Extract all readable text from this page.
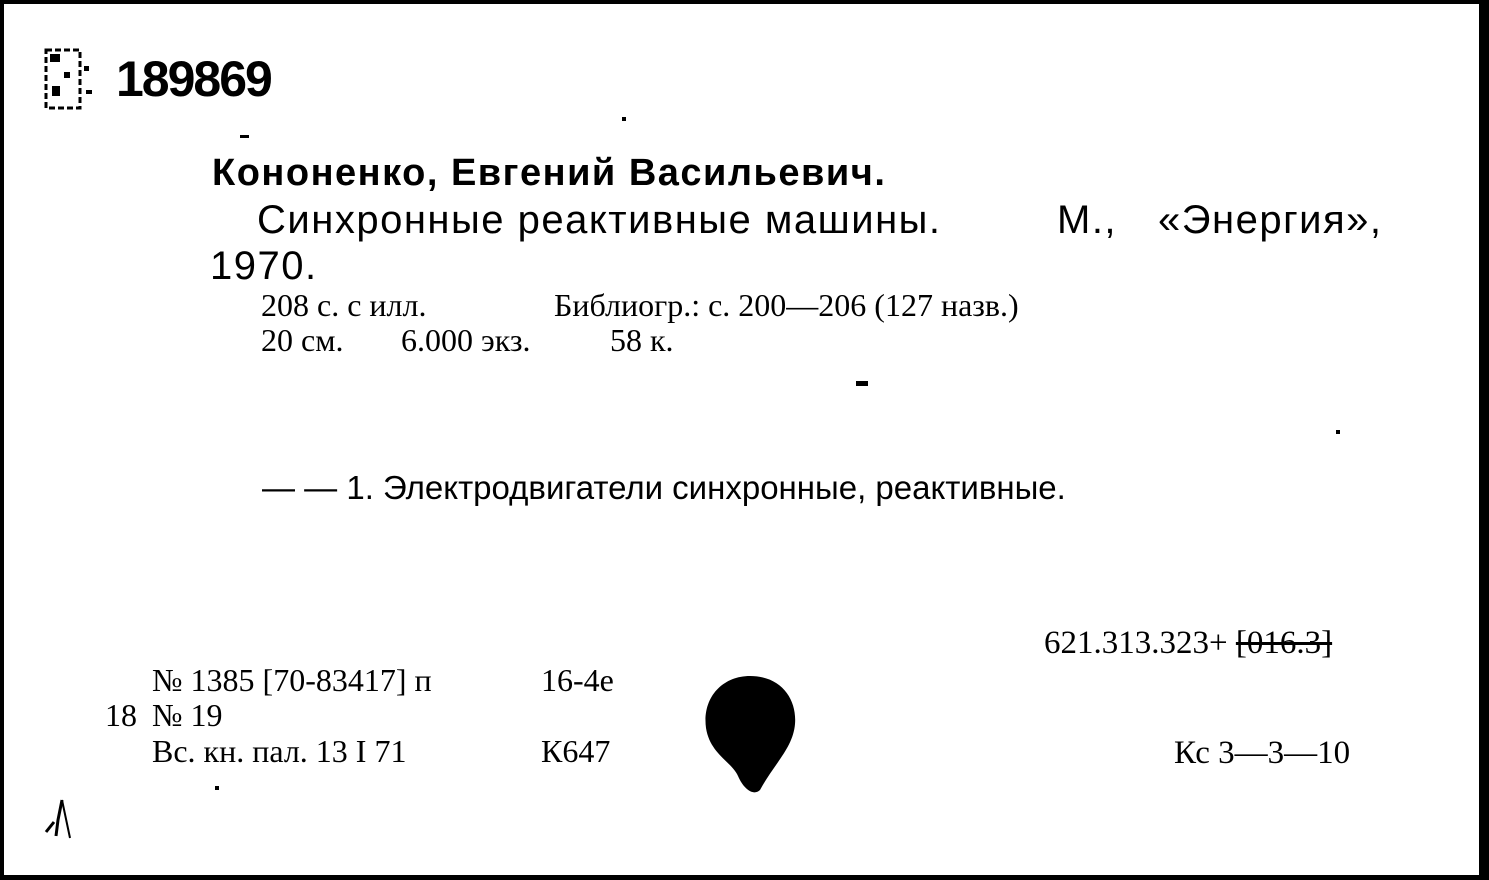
189869
Кононенко, Евгений Васильевич.
Синхронные реактивные машины.	М., «Энергия»,
1970.
208 с. с илл.	Библиогр.: с. 200—206 (127 назв.)
20 см. 6.000 экз. 58 к.
— — 1. Электродвигатели синхронные, реактивные.
621.313.323+ [016.3]
№ 1385 [70-83417] п	16-4е
18 № 19
Вс. кн. пал. 13 I 71	К647	Кс 3—3—10
